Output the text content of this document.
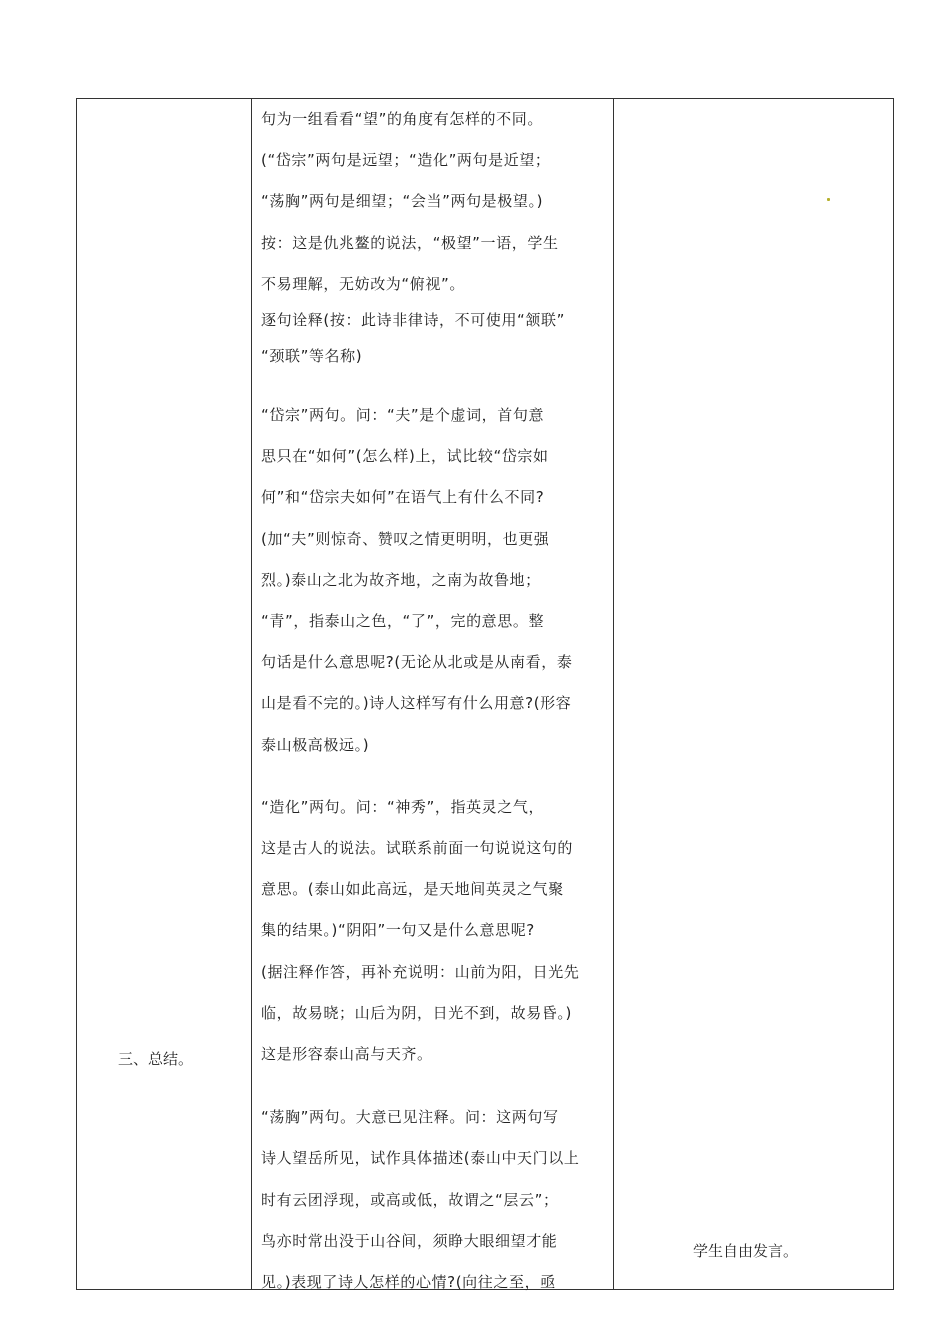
三、总结。

句为一组看看“望”的角度有怎样的不同。
(“岱宗”两句是远望；“造化”两句是近望；
“荡胸”两句是细望；“会当”两句是极望。)
按：这是仇兆鳌的说法，“极望”一语，学生
不易理解，无妨改为“俯视”。

逐句诠释(按：此诗非律诗，不可使用“颔联”
“颈联”等名称)

“岱宗”两句。问：“夫”是个虚词，首句意
思只在“如何”(怎么样)上，试比较“岱宗如
何”和“岱宗夫如何”在语气上有什么不同?
(加“夫”则惊奇、赞叹之情更明明，也更强
烈。)泰山之北为故齐地，之南为故鲁地；
“青”，指泰山之色，“了”，完的意思。整
句话是什么意思呢?(无论从北或是从南看，泰
山是看不完的。)诗人这样写有什么用意?(形容
泰山极高极远。)

“造化”两句。问：“神秀”，指英灵之气，
这是古人的说法。试联系前面一句说说这句的
意思。(泰山如此高远，是天地间英灵之气聚
集的结果。)“阴阳”一句又是什么意思呢?
(据注释作答，再补充说明：山前为阳，日光先
临，故易晓；山后为阴，日光不到，故易昏。)
这是形容泰山高与天齐。

“荡胸”两句。大意已见注释。问：这两句写
诗人望岳所见，试作具体描述(泰山中天门以上
时有云团浮现，或高或低，故谓之“层云”；
鸟亦时常出没于山谷间，须睁大眼细望才能
见。)表现了诗人怎样的心情?(向往之至，亟

学生自由发言。
